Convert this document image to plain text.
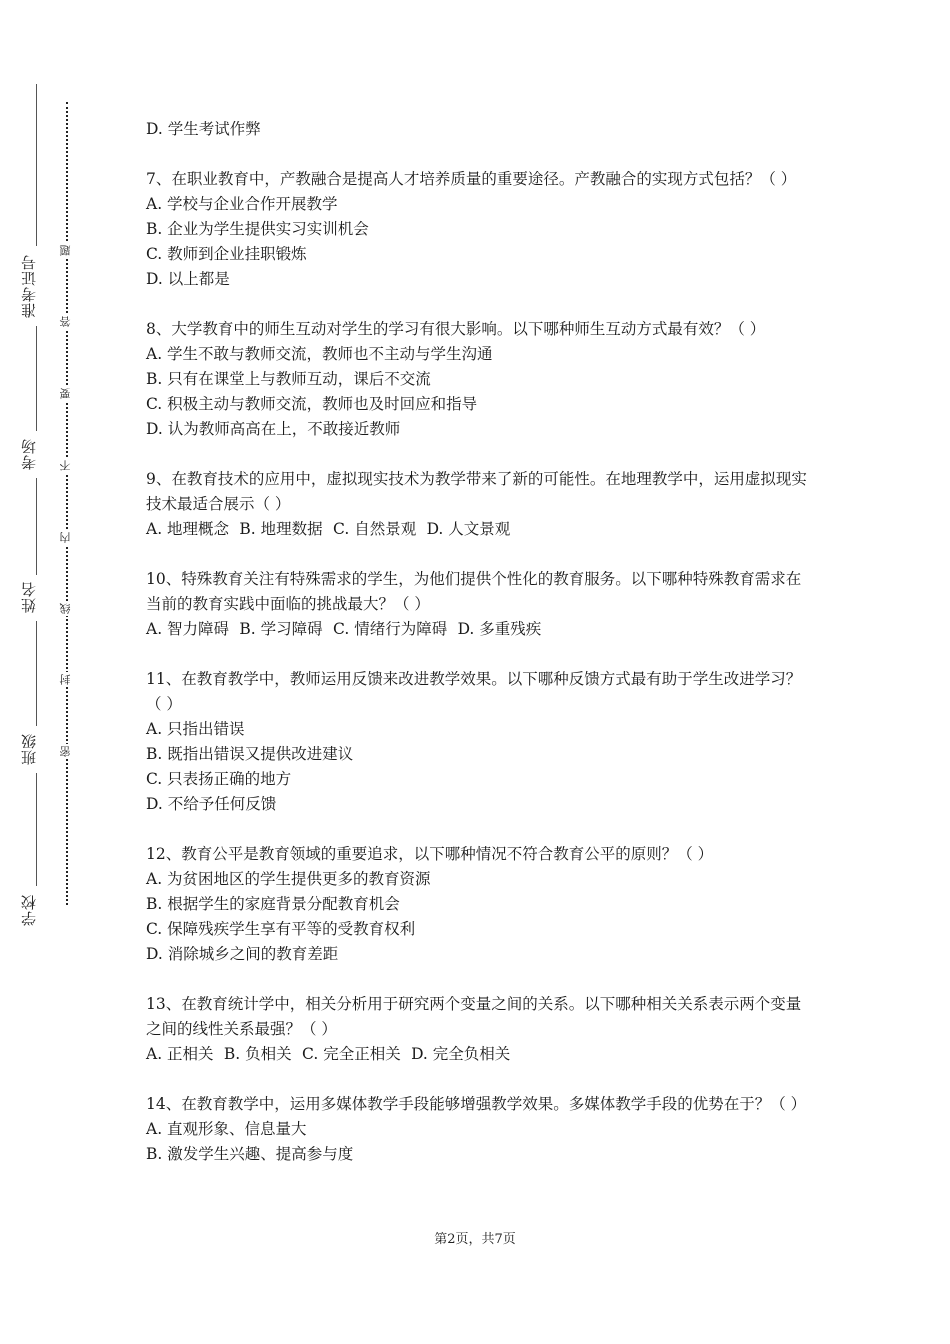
准考证号
考场
姓名
班级
学校
题
答
要
不
内
线
封
密

D. 学生考试作弊

7、在职业教育中，产教融合是提高人才培养质量的重要途径。产教融合的实现方式包括？（ ）

A. 学校与企业合作开展教学

B. 企业为学生提供实习实训机会

C. 教师到企业挂职锻炼

D. 以上都是

8、大学教育中的师生互动对学生的学习有很大影响。以下哪种师生互动方式最有效？（ ）

A. 学生不敢与教师交流，教师也不主动与学生沟通

B. 只有在课堂上与教师互动，课后不交流

C. 积极主动与教师交流，教师也及时回应和指导

D. 认为教师高高在上，不敢接近教师

9、在教育技术的应用中，虚拟现实技术为教学带来了新的可能性。在地理教学中，运用虚拟现实技术最适合展示（ ）

A. 地理概念 B. 地理数据 C. 自然景观 D. 人文景观

10、特殊教育关注有特殊需求的学生，为他们提供个性化的教育服务。以下哪种特殊教育需求在当前的教育实践中面临的挑战最大？（ ）

A. 智力障碍 B. 学习障碍 C. 情绪行为障碍 D. 多重残疾

11、在教育教学中，教师运用反馈来改进教学效果。以下哪种反馈方式最有助于学生改进学习？（ ）

A. 只指出错误

B. 既指出错误又提供改进建议

C. 只表扬正确的地方

D. 不给予任何反馈

12、教育公平是教育领域的重要追求，以下哪种情况不符合教育公平的原则？（ ）

A. 为贫困地区的学生提供更多的教育资源

B. 根据学生的家庭背景分配教育机会

C. 保障残疾学生享有平等的受教育权利

D. 消除城乡之间的教育差距

13、在教育统计学中，相关分析用于研究两个变量之间的关系。以下哪种相关关系表示两个变量之间的线性关系最强？（ ）

A. 正相关 B. 负相关 C. 完全正相关 D. 完全负相关

14、在教育教学中，运用多媒体教学手段能够增强教学效果。多媒体教学手段的优势在于？（ ）

A. 直观形象、信息量大

B. 激发学生兴趣、提高参与度

第2页，共7页
